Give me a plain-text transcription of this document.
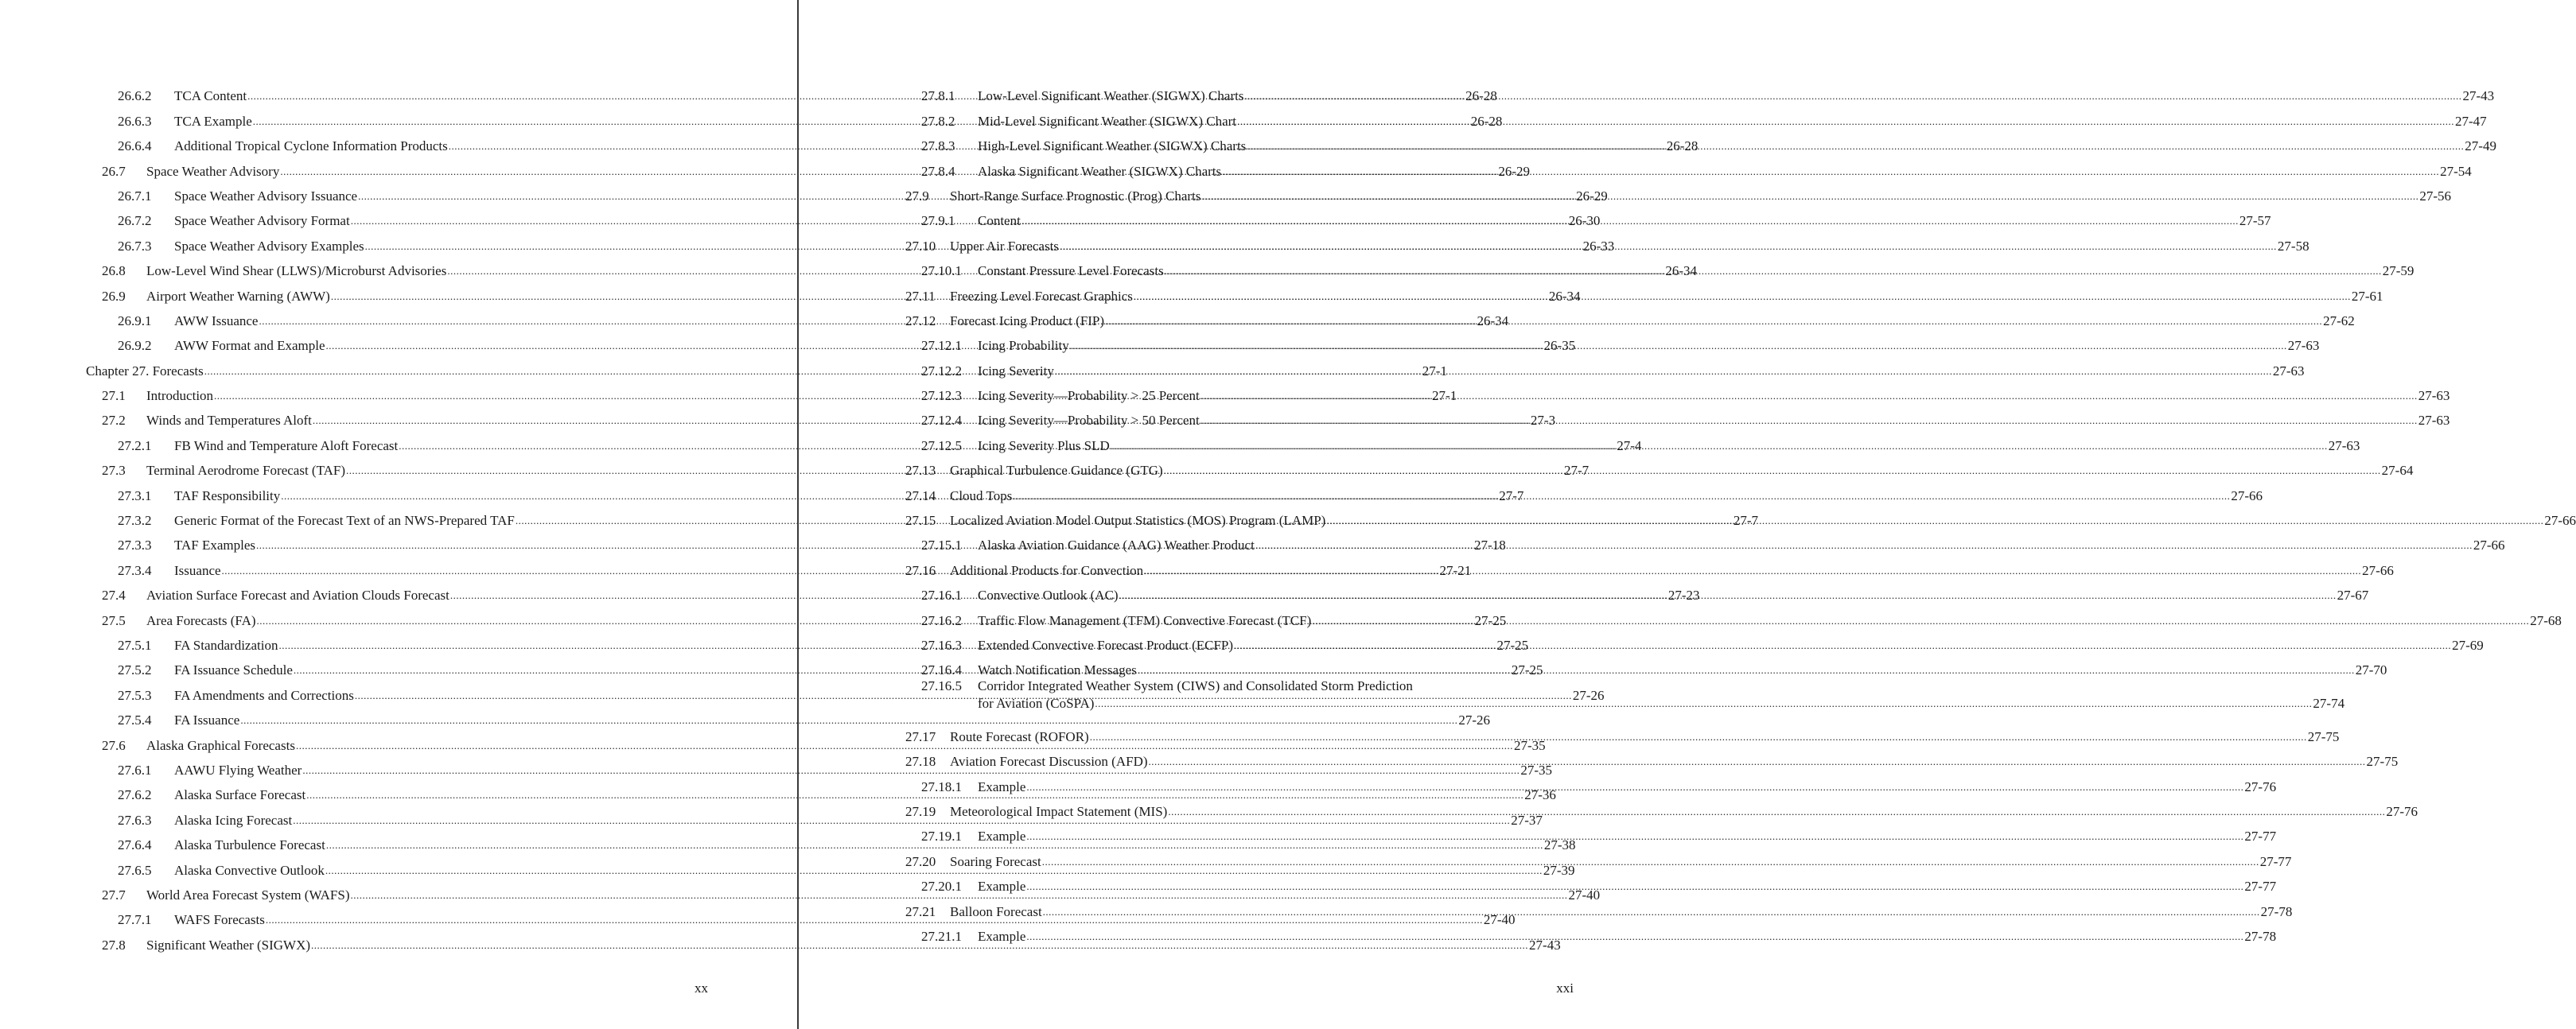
26.6.2	TCA Content .....	26-28
26.6.3	TCA Example .....	26-28
26.6.4	Additional Tropical Cyclone Information Products .....	26-28
26.7	Space Weather Advisory .....	26-29
26.7.1	Space Weather Advisory Issuance .....	26-29
26.7.2	Space Weather Advisory Format .....	26-30
26.7.3	Space Weather Advisory Examples .....	26-33
26.8	Low-Level Wind Shear (LLWS)/Microburst Advisories .....	26-34
26.9	Airport Weather Warning (AWW) .....	26-34
26.9.1	AWW Issuance .....	26-34
26.9.2	AWW Format and Example .....	26-35
Chapter 27. Forecasts .....	27-1
27.1	Introduction .....	27-1
27.2	Winds and Temperatures Aloft .....	27-3
27.2.1	FB Wind and Temperature Aloft Forecast .....	27-4
27.3	Terminal Aerodrome Forecast (TAF) .....	27-7
27.3.1	TAF Responsibility .....	27-7
27.3.2	Generic Format of the Forecast Text of an NWS-Prepared TAF .....	27-7
27.3.3	TAF Examples .....	27-18
27.3.4	Issuance .....	27-21
27.4	Aviation Surface Forecast and Aviation Clouds Forecast .....	27-23
27.5	Area Forecasts (FA) .....	27-25
27.5.1	FA Standardization .....	27-25
27.5.2	FA Issuance Schedule .....	27-25
27.5.3	FA Amendments and Corrections .....	27-26
27.5.4	FA Issuance .....	27-26
27.6	Alaska Graphical Forecasts .....	27-35
27.6.1	AAWU Flying Weather .....	27-35
27.6.2	Alaska Surface Forecast .....	27-36
27.6.3	Alaska Icing Forecast .....	27-37
27.6.4	Alaska Turbulence Forecast .....	27-38
27.6.5	Alaska Convective Outlook .....	27-39
27.7	World Area Forecast System (WAFS) .....	27-40
27.7.1	WAFS Forecasts .....	27-40
27.8	Significant Weather (SIGWX) .....	27-43
xx
27.8.1	Low-Level Significant Weather (SIGWX) Charts .....	27-43
27.8.2	Mid-Level Significant Weather (SIGWX) Chart .....	27-47
27.8.3	High-Level Significant Weather (SIGWX) Charts .....	27-49
27.8.4	Alaska Significant Weather (SIGWX) Charts .....	27-54
27.9	Short-Range Surface Prognostic (Prog) Charts .....	27-56
27.9.1	Content .....	27-57
27.10	Upper Air Forecasts .....	27-58
27.10.1	Constant Pressure Level Forecasts .....	27-59
27.11	Freezing Level Forecast Graphics .....	27-61
27.12	Forecast Icing Product (FIP) .....	27-62
27.12.1	Icing Probability .....	27-63
27.12.2	Icing Severity .....	27-63
27.12.3	Icing Severity—Probability > 25 Percent .....	27-63
27.12.4	Icing Severity—Probability > 50 Percent .....	27-63
27.12.5	Icing Severity Plus SLD .....	27-63
27.13	Graphical Turbulence Guidance (GTG) .....	27-64
27.14	Cloud Tops .....	27-66
27.15	Localized Aviation Model Output Statistics (MOS) Program (LAMP) .....	27-66
27.15.1	Alaska Aviation Guidance (AAG) Weather Product .....	27-66
27.16	Additional Products for Convection .....	27-66
27.16.1	Convective Outlook (AC) .....	27-67
27.16.2	Traffic Flow Management (TFM) Convective Forecast (TCF) .....	27-68
27.16.3	Extended Convective Forecast Product (ECFP) .....	27-69
27.16.4	Watch Notification Messages .....	27-70
27.16.5	Corridor Integrated Weather System (CIWS) and Consolidated Storm Prediction
for Aviation (CoSPA) .....	27-74
27.17	Route Forecast (ROFOR) .....	27-75
27.18	Aviation Forecast Discussion (AFD) .....	27-75
27.18.1	Example .....	27-76
27.19	Meteorological Impact Statement (MIS) .....	27-76
27.19.1	Example .....	27-77
27.20	Soaring Forecast .....	27-77
27.20.1	Example .....	27-77
27.21	Balloon Forecast .....	27-78
27.21.1	Example .....	27-78
xxi
